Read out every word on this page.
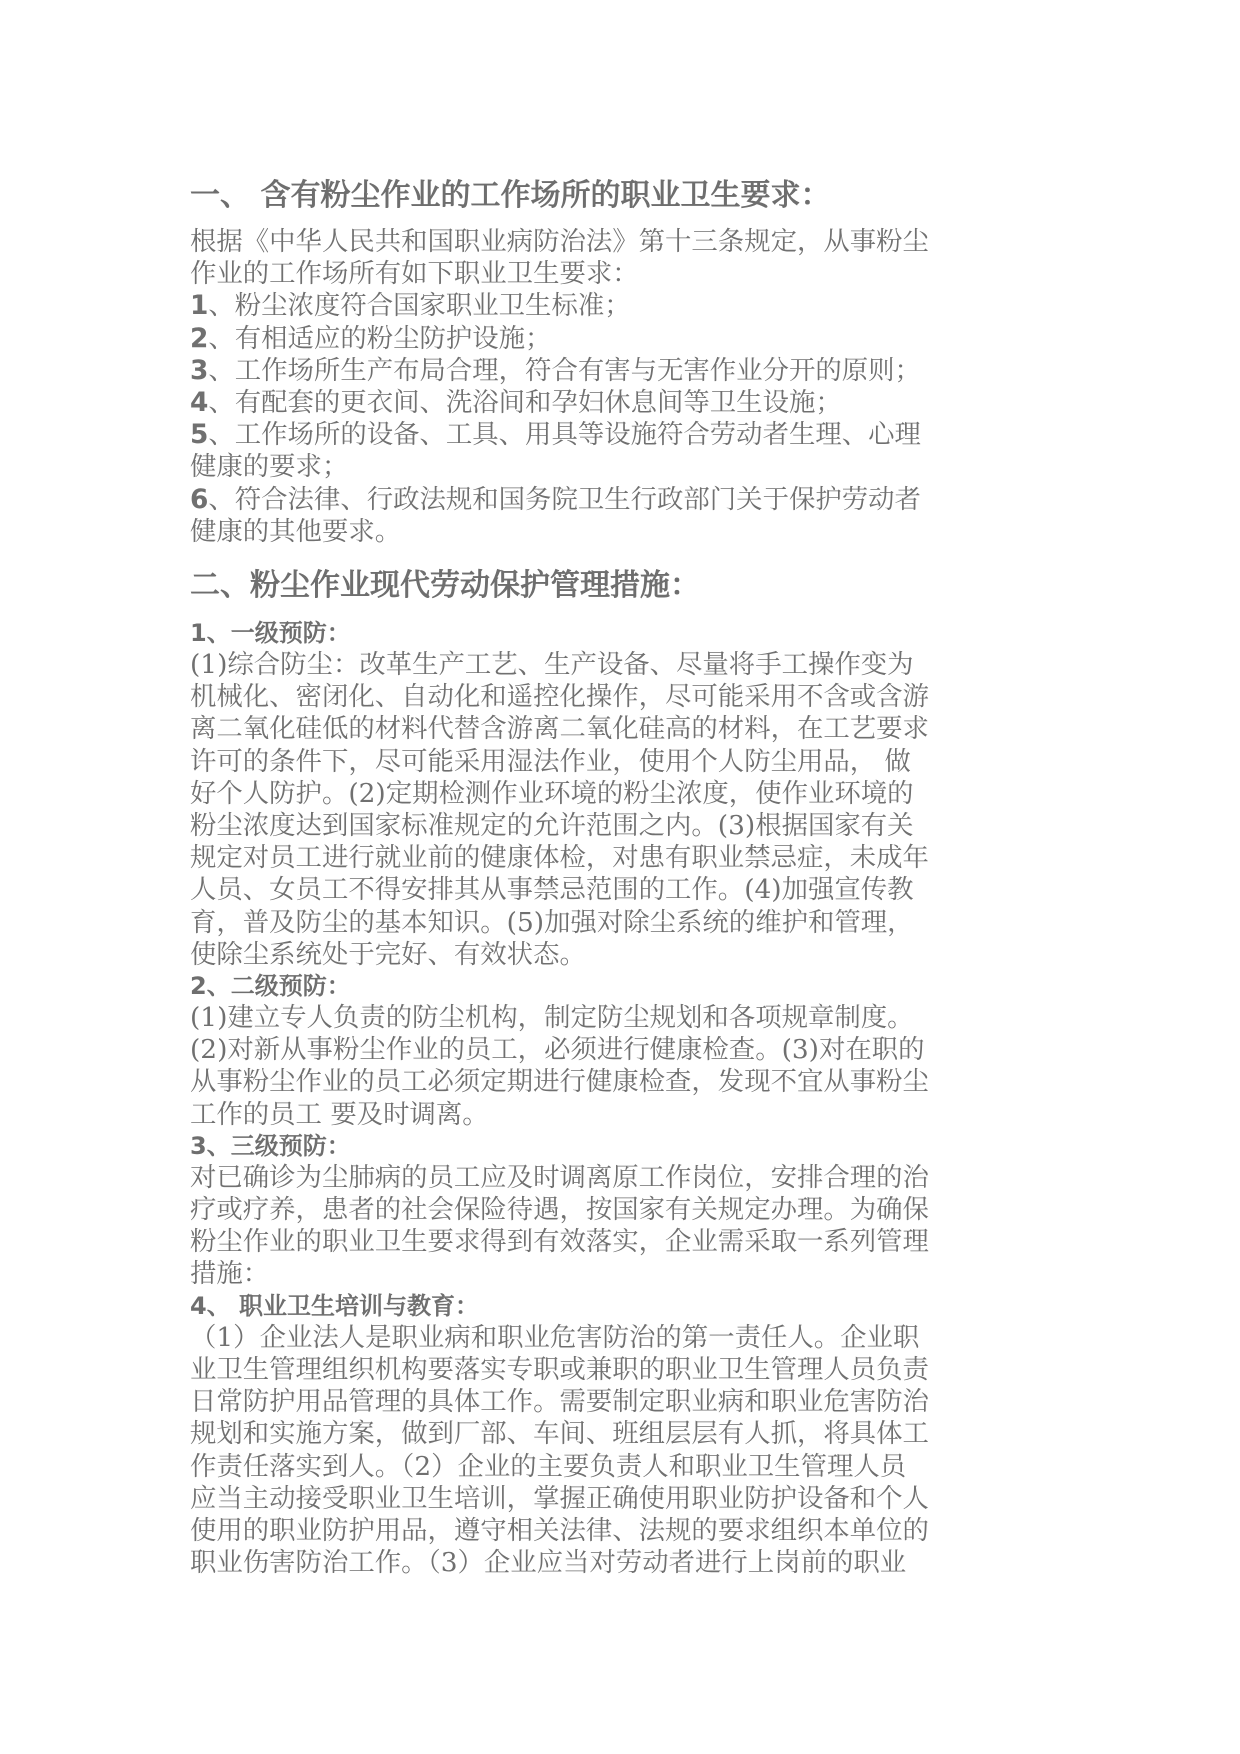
一、 含有粉尘作业的工作场所的职业卫生要求：

根据《中华人民共和国职业病防治法》第十三条规定，从事粉尘

作业的工作场所有如下职业卫生要求：

1、粉尘浓度符合国家职业卫生标准；

2、有相适应的粉尘防护设施；

3、工作场所生产布局合理，符合有害与无害作业分开的原则；

4、有配套的更衣间、洗浴间和孕妇休息间等卫生设施；

5、工作场所的设备、工具、用具等设施符合劳动者生理、心理

健康的要求；

6、符合法律、行政法规和国务院卫生行政部门关于保护劳动者

健康的其他要求。

二、粉尘作业现代劳动保护管理措施：
1、一级预防：

(1)综合防尘：改革生产工艺、生产设备、尽量将手工操作变为

机械化、密闭化、自动化和遥控化操作，尽可能采用不含或含游

离二氧化硅低的材料代替含游离二氧化硅高的材料，在工艺要求

许可的条件下，尽可能采用湿法作业，使用个人防尘用品， 做

好个人防护。(2)定期检测作业环境的粉尘浓度，使作业环境的

粉尘浓度达到国家标准规定的允许范围之内。(3)根据国家有关

规定对员工进行就业前的健康体检，对患有职业禁忌症，未成年

人员、女员工不得安排其从事禁忌范围的工作。(4)加强宣传教

育，普及防尘的基本知识。(5)加强对除尘系统的维护和管理，

使除尘系统处于完好、有效状态。

2、二级预防：

(1)建立专人负责的防尘机构，制定防尘规划和各项规章制度。

(2)对新从事粉尘作业的员工，必须进行健康检查。(3)对在职的

从事粉尘作业的员工必须定期进行健康检查，发现不宜从事粉尘

工作的员工 要及时调离。

3、三级预防：

对已确诊为尘肺病的员工应及时调离原工作岗位，安排合理的治

疗或疗养，患者的社会保险待遇，按国家有关规定办理。为确保

粉尘作业的职业卫生要求得到有效落实，企业需采取一系列管理

措施：

4、 职业卫生培训与教育：

（1）企业法人是职业病和职业危害防治的第一责任人。企业职

业卫生管理组织机构要落实专职或兼职的职业卫生管理人员负责

日常防护用品管理的具体工作。需要制定职业病和职业危害防治

规划和实施方案，做到厂部、车间、班组层层有人抓，将具体工

作责任落实到人。（2）企业的主要负责人和职业卫生管理人员

应当主动接受职业卫生培训，掌握正确使用职业防护设备和个人

使用的职业防护用品，遵守相关法律、法规的要求组织本单位的

职业伤害防治工作。（3）企业应当对劳动者进行上岗前的职业
